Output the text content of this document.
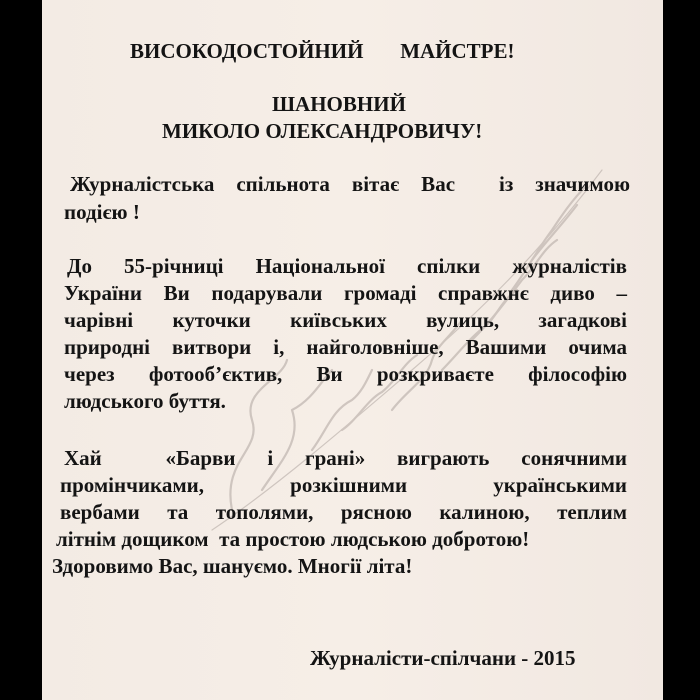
ВИСОКОДОСТОЙНИЙ       МАЙСТРЕ!
ШАНОВНИЙ
МИКОЛО ОЛЕКСАНДРОВИЧУ!
Журналістська спільнота вітає Вас  із значимою
подією !
До 55-річниці Національної спілки журналістів
України Ви подарували громаді справжнє диво –
чарівні куточки київських вулиць, загадкові
природні витвори і, найголовніше, Вашими очима
через фотооб’єктив, Ви розкриваєте філософію
людського буття.
Хай  «Барви і грані» виграють сонячними
промінчиками, розкішними українськими
вербами та тополями, рясною калиною, теплим
літнім дощиком  та простою людською добротою!
Здоровимо Вас, шануємо. Многії літа!
Журналісти-спілчани - 2015
